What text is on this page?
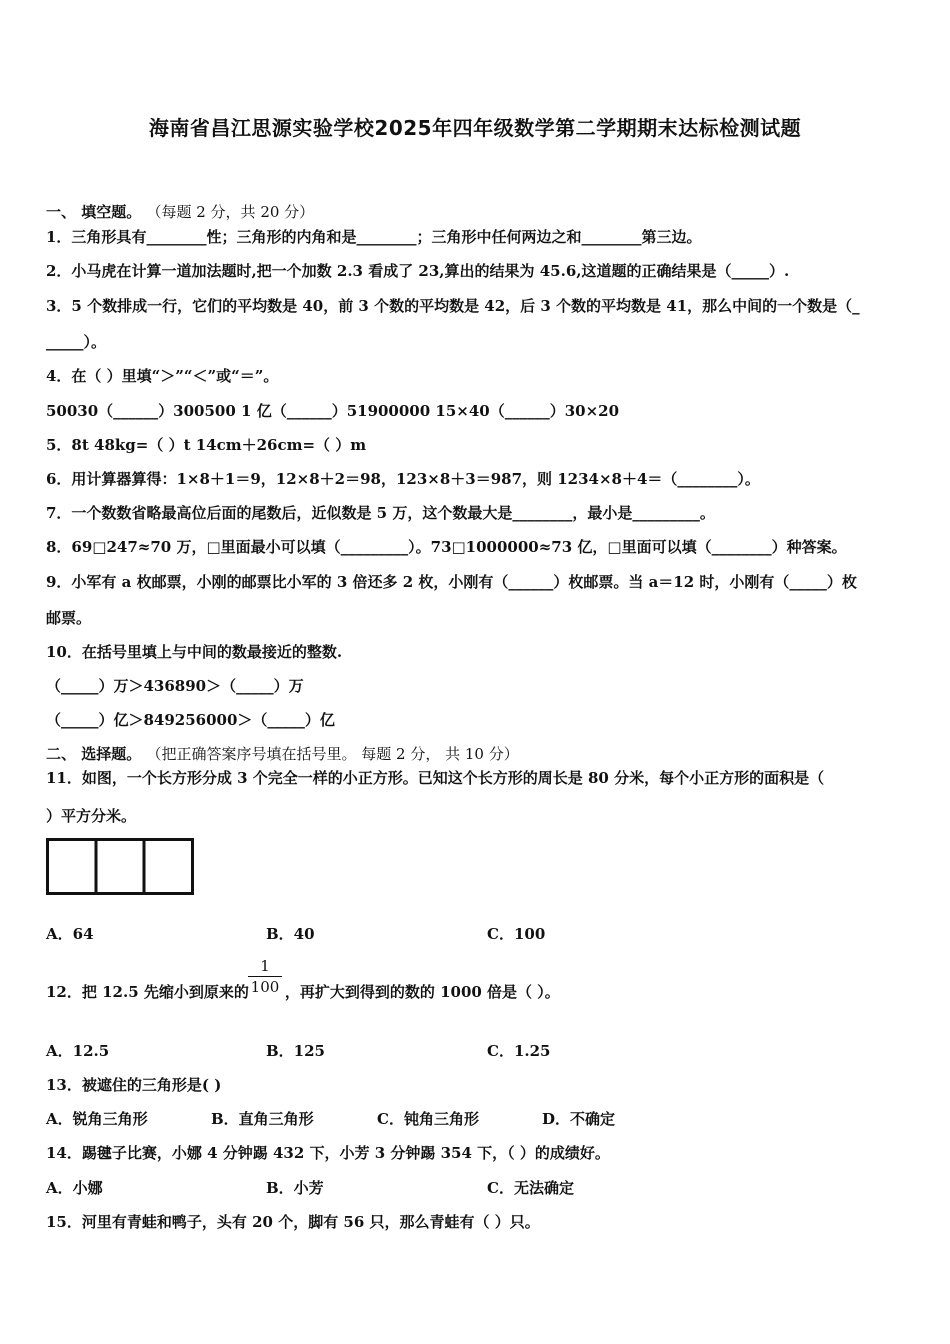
海南省昌江思源实验学校2025年四年级数学第二学期期末达标检测试题
一、 填空题。 （每题 2 分，共 20 分）
1．三角形具有________性；三角形的内角和是________；三角形中任何两边之和________第三边。
2．小马虎在计算一道加法题时,把一个加数 2.3 看成了 23,算出的结果为 45.6,这道题的正确结果是（_____）.
3．5 个数排成一行，它们的平均数是 40，前 3 个数的平均数是 42，后 3 个数的平均数是 41，那么中间的一个数是（_
_____）。
4．在（ ）里填“＞”“＜”或“＝”。
50030（______）300500 1 亿（______）51900000 15×40（______）30×20
5．8t 48kg=（ ）t 14cm＋26cm=（ ）m
6．用计算器算得：1×8＋1＝9，12×8＋2＝98，123×8＋3＝987，则 1234×8＋4＝（________）。
7．一个数数省略最高位后面的尾数后，近似数是 5 万，这个数最大是________，最小是_________。
8．69□247≈70 万，□里面最小可以填（_________）。73□1000000≈73 亿，□里面可以填（________）种答案。
9．小军有 a 枚邮票，小刚的邮票比小军的 3 倍还多 2 枚，小刚有（______）枚邮票。当 a＝12 时，小刚有（_____）枚
邮票。
10．在括号里填上与中间的数最接近的整数.
（_____）万＞436890＞（_____）万
（_____）亿＞849256000＞（_____）亿
二、 选择题。 （把正确答案序号填在括号里。 每题 2 分， 共 10 分）
11．如图，一个长方形分成 3 个完全一样的小正方形。已知这个长方形的周长是 80 分米，每个小正方形的面积是（
）平方分米。
A．64	B．40	C．100
12．把 12.5 先缩小到原来的 ，再扩大到得到的数的 1000 倍是（ ）。
1
100
A．12.5	B．125	C．1.25
13．被遮住的三角形是( )
A．锐角三角形	B．直角三角形	C．钝角三角形	D．不确定
14．踢毽子比赛，小娜 4 分钟踢 432 下，小芳 3 分钟踢 354 下，（ ）的成绩好。
A．小娜	B．小芳	C．无法确定
15．河里有青蛙和鸭子，头有 20 个，脚有 56 只，那么青蛙有（ ）只。
